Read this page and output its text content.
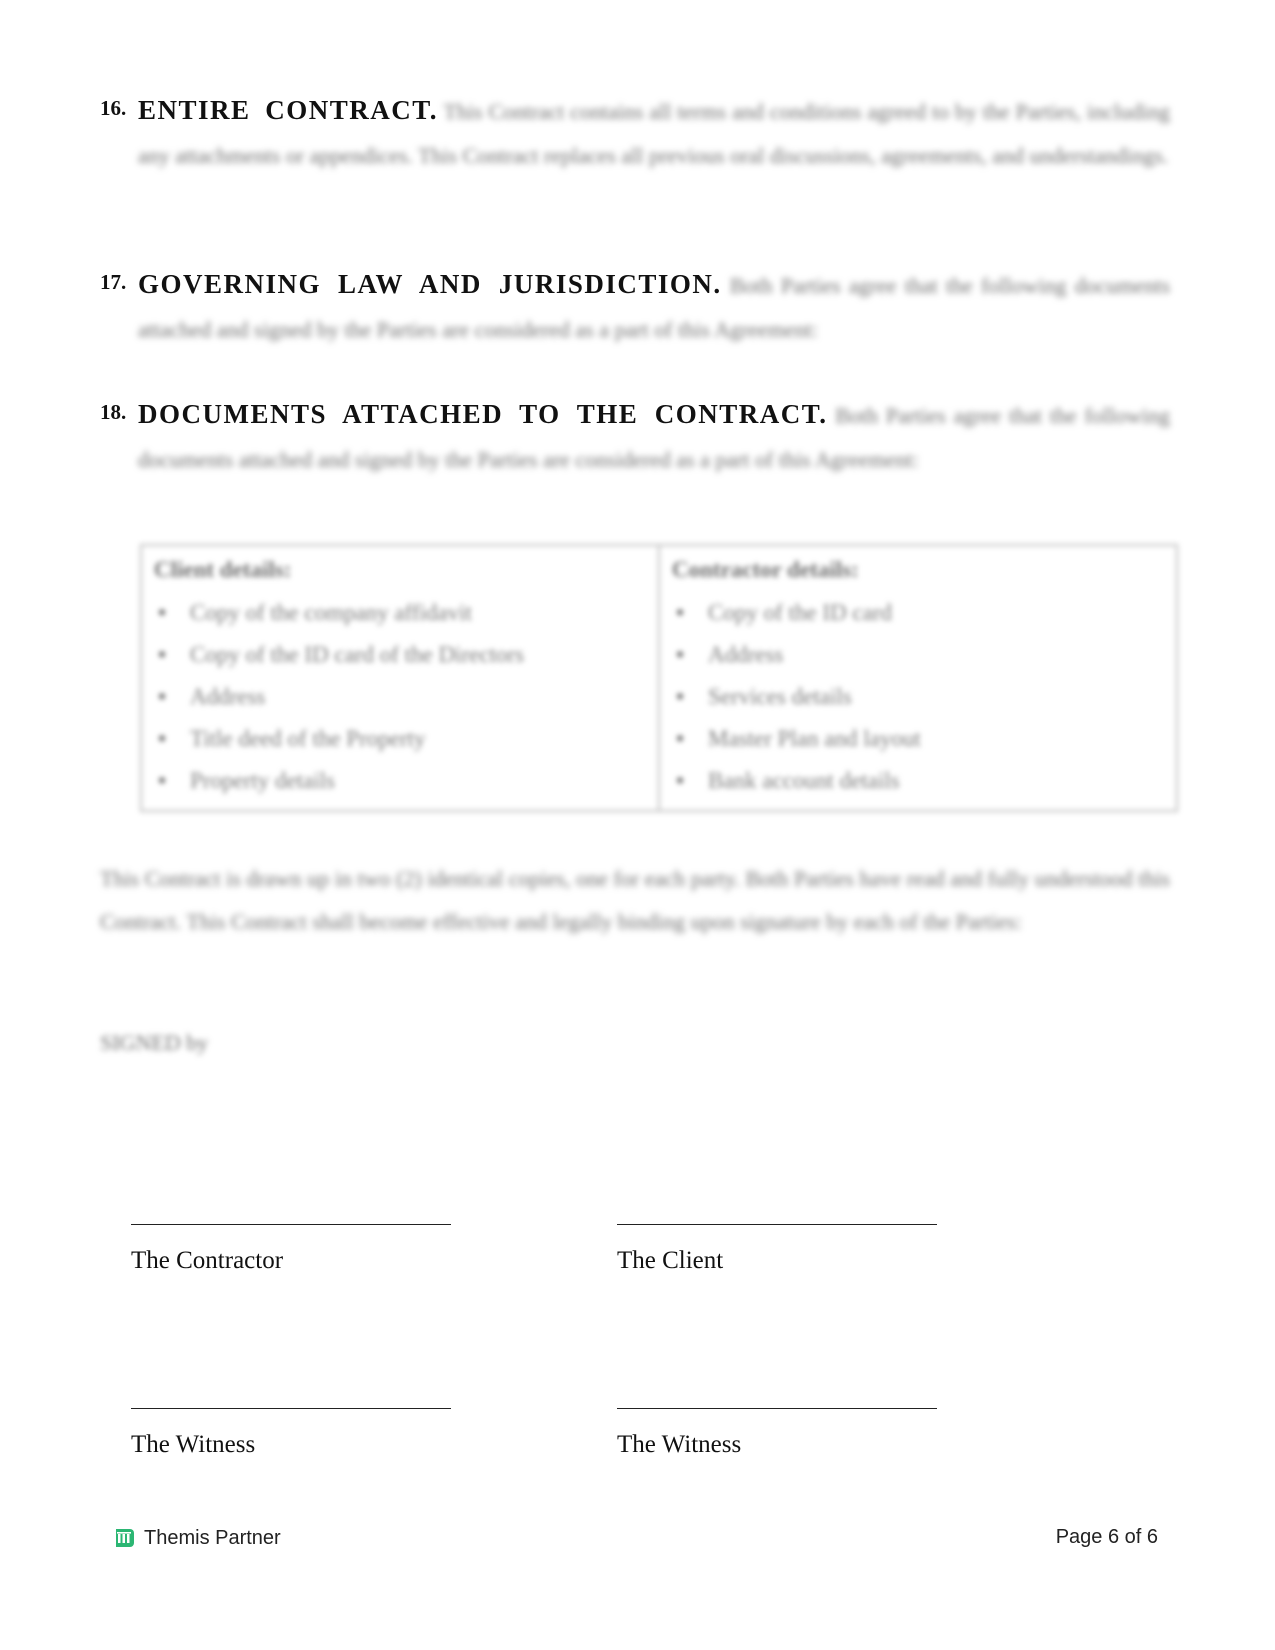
16. ENTIRE CONTRACT. This Contract contains all terms and conditions agreed to by the Parties, including any attachments or appendices. This Contract replaces all previous oral discussions, agreements, and understandings.
17. GOVERNING LAW AND JURISDICTION. Both Parties agree that the following documents attached and signed by the Parties are considered as a part of this Agreement:
18. DOCUMENTS ATTACHED TO THE CONTRACT. Both Parties agree that the following documents attached and signed by the Parties are considered as a part of this Agreement:
Client details:
• Copy of the company affidavit
• Copy of the ID card of the Directors
• Address
• Title deed of the Property
• Property details
Contractor details:
• Copy of the ID card
• Address
• Services details
• Master Plan and layout
• Bank account details
This Contract is drawn up in two (2) identical copies, one for each party. Both Parties have read and fully understood this Contract. This Contract shall become effective and legally binding upon signature by each of the Parties:
SIGNED by
The Contractor	The Client
The Witness	The Witness
Themis Partner	Page 6 of 6
